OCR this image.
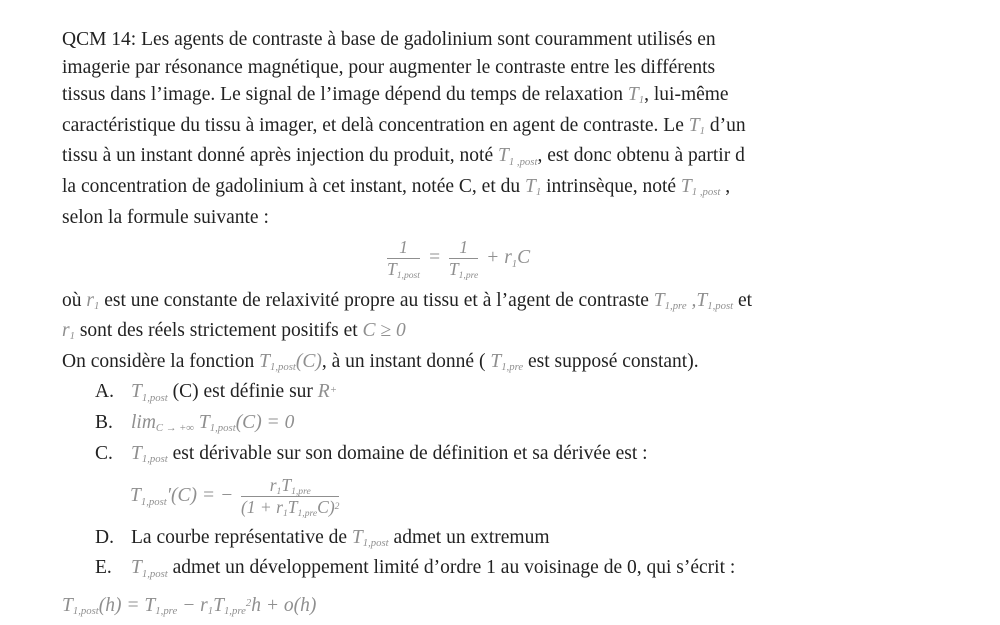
QCM 14: Les agents de contraste à base de gadolinium sont couramment utilisés en
imagerie par résonance magnétique, pour augmenter le contraste entre les différents
tissus dans l’image. Le signal de l’image dépend du temps de relaxation $T_1$, lui-même
caractéristique du tissu à imager, et delà concentration en agent de contraste. Le $T_1$ d’un
tissu à un instant donné après injection du produit, noté $T_{1 ,post}$, est donc obtenu à partir d
la concentration de gadolinium à cet instant, notée C, et du $T_1$ intrinsèque, noté $T_{1 ,post}$ ,
selon la formule suivante :
$\frac{1}{T_{1,post}} = \frac{1}{T_{1,pre}} + r_1C$
où $r_1$ est une constante de relaxivité propre au tissu et à l’agent de contraste $T_{1,pre}$ $,T_{1,post}$ et
$r_1$ sont des réels strictement positifs et C ≥ 0
On considère la fonction $T_{1,post}(C)$, à un instant donné ( $T_{1,pre}$ est supposé constant).
A. $T_{1,post}$ (C) est définie sur R+
B. $\lim_{C \to +\infty} T_{1,post}(C) = 0$
C. $T_{1,post}$ est dérivable sur son domaine de définition et sa dérivée est :
$T_{1,post}'(C)$ = − $\frac{r_1T_{1,pre}}{(1 + r_1T_{1,pre}C)^2}$
D. La courbe représentative de $T_{1,post}$ admet un extremum
E. $T_{1,post}$ admet un développement limité d’ordre 1 au voisinage de 0, qui s’écrit :
$T_{1,post}(h) = T_{1,pre} - r_1T_{1,pre}^2h + o(h)$
